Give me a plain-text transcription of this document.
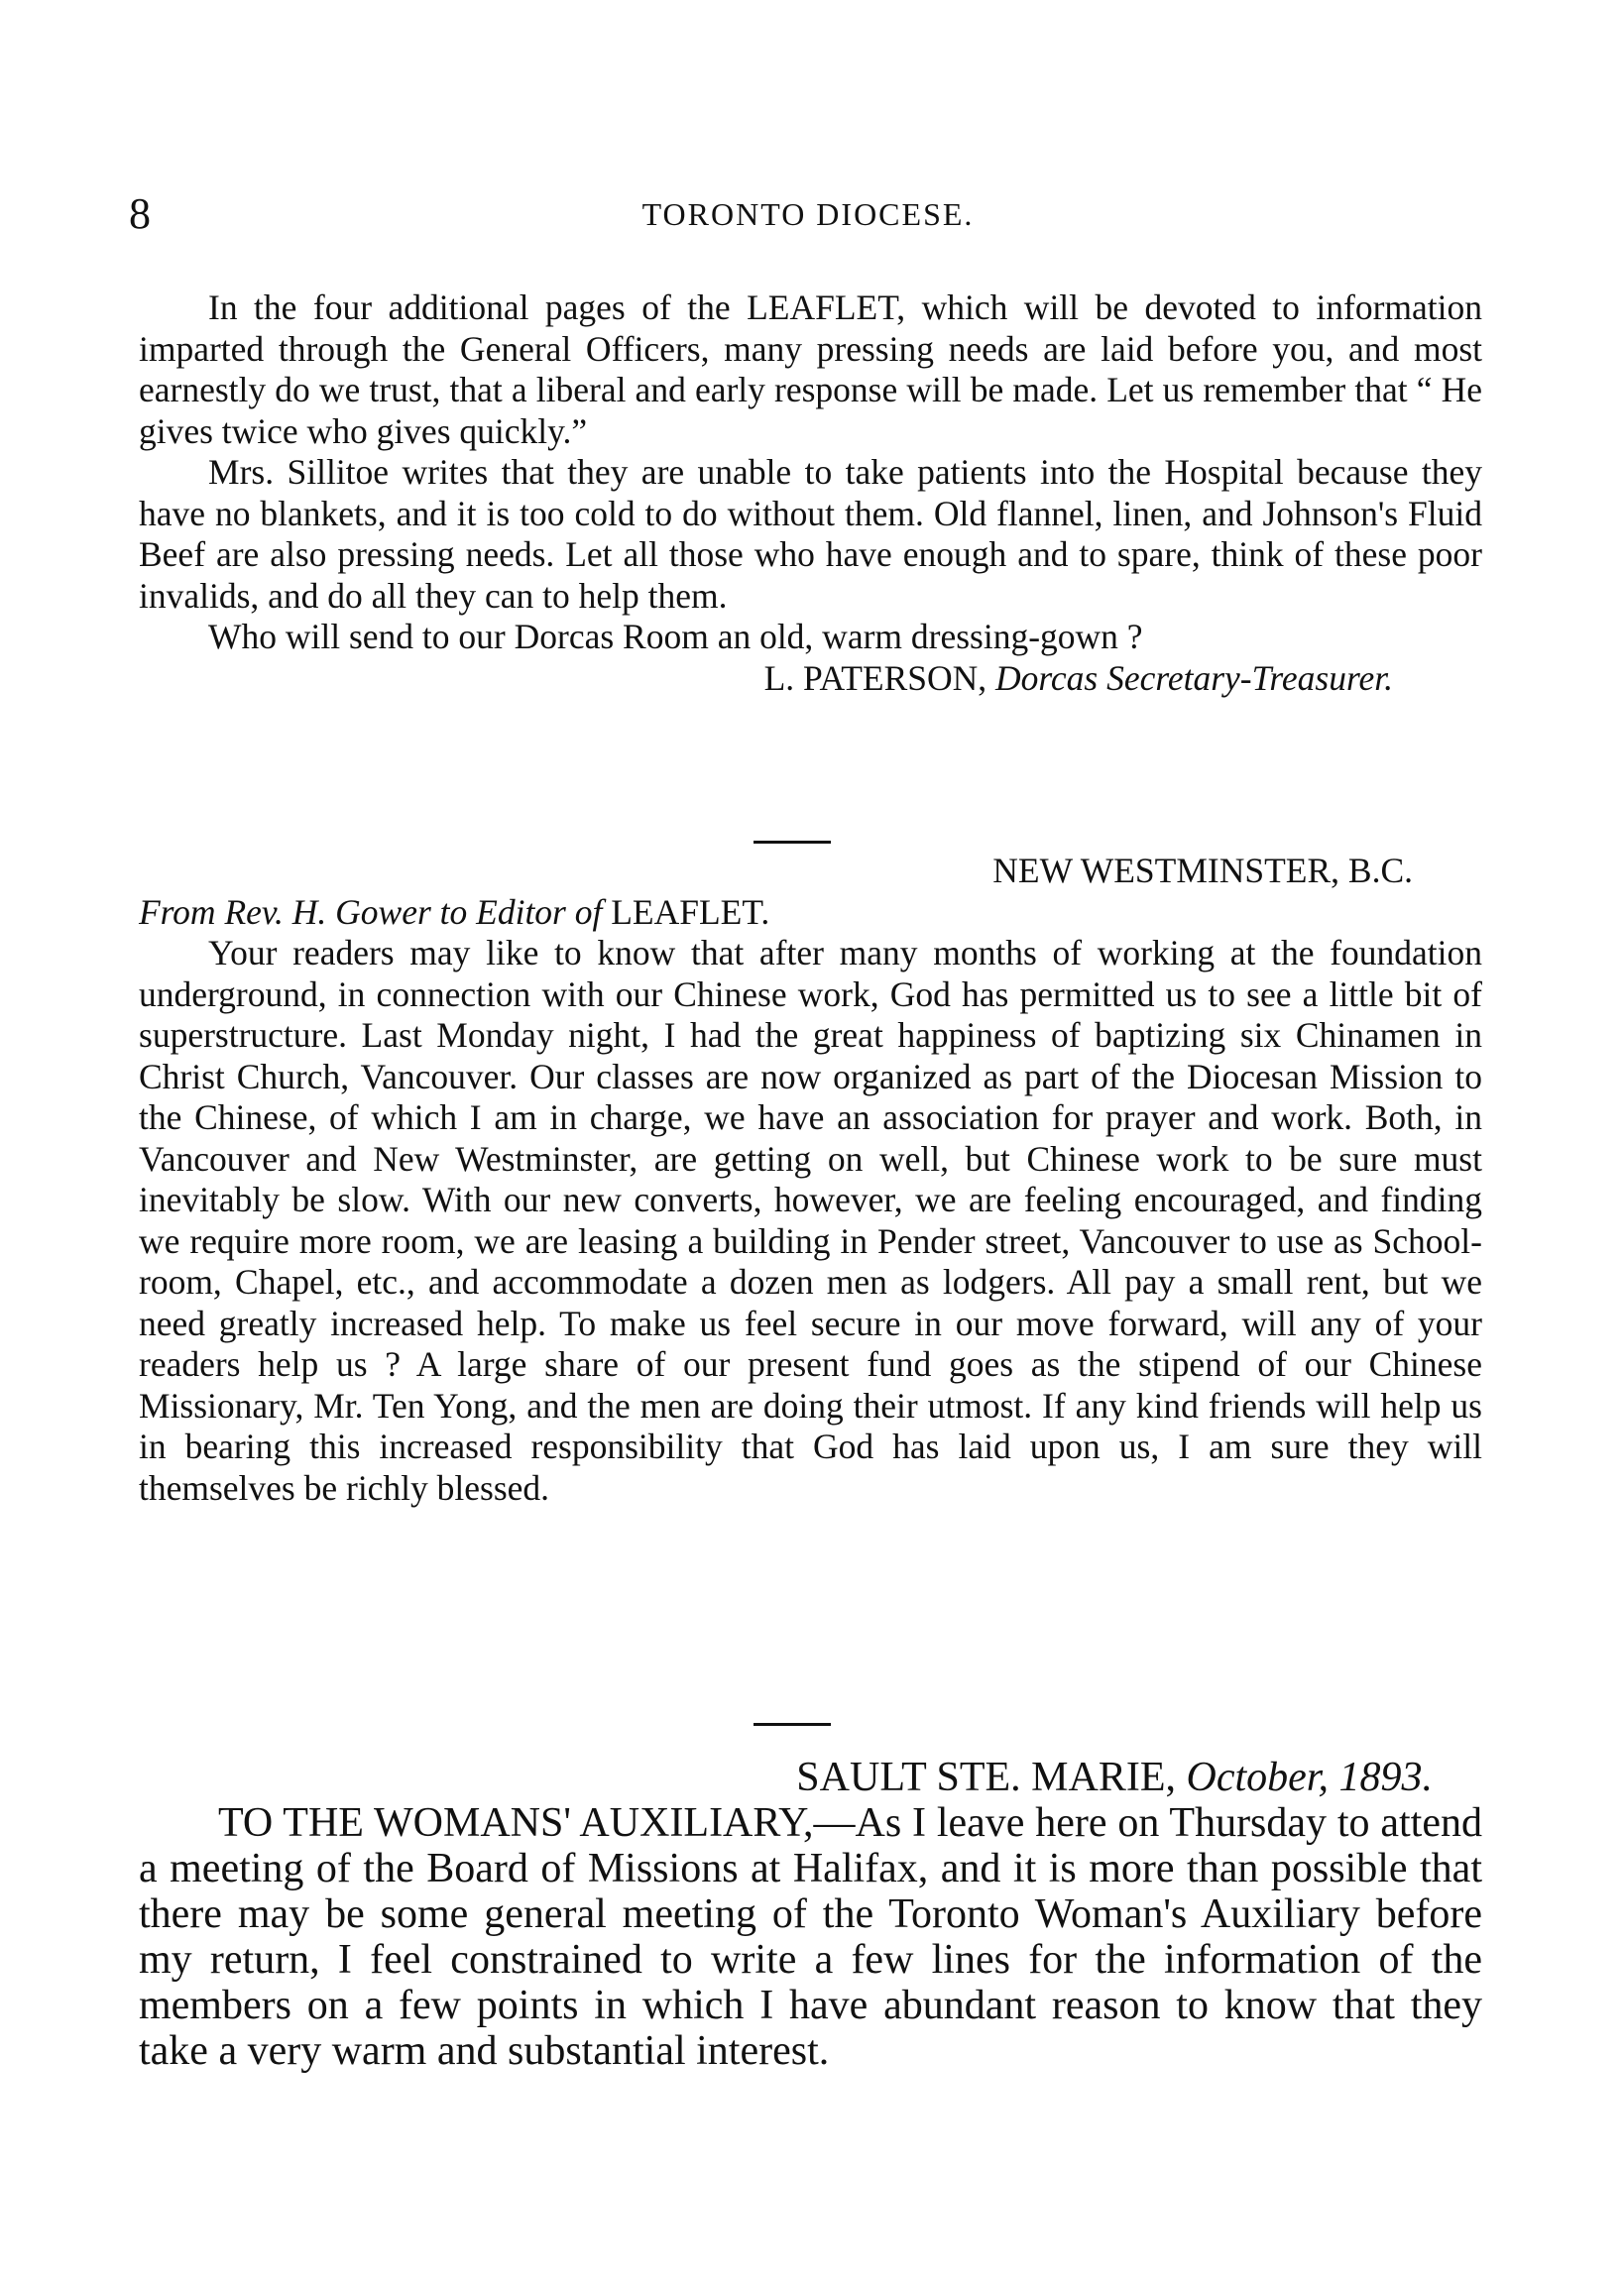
8	TORONTO DIOCESE.

In the four additional pages of the LEAFLET, which will be devoted to information imparted through the General Officers, many pressing needs are laid before you, and most earnestly do we trust, that a liberal and early response will be made. Let us remember that “ He gives twice who gives quickly.”

Mrs. Sillitoe writes that they are unable to take patients into the Hospital because they have no blankets, and it is too cold to do without them. Old flannel, linen, and Johnson's Fluid Beef are also pressing needs. Let all those who have enough and to spare, think of these poor invalids, and do all they can to help them.

Who will send to our Dorcas Room an old, warm dressing-gown ?

L. PATERSON, Dorcas Secretary-Treasurer.
NEW WESTMINSTER, B.C.
From Rev. H. Gower to Editor of LEAFLET.

Your readers may like to know that after many months of working at the foundation underground, in connection with our Chinese work, God has permitted us to see a little bit of superstructure. Last Monday night, I had the great happiness of baptizing six Chinamen in Christ Church, Vancouver. Our classes are now organized as part of the Diocesan Mission to the Chinese, of which I am in charge, we have an association for prayer and work. Both, in Vancouver and New Westminster, are getting on well, but Chinese work to be sure must inevitably be slow. With our new converts, however, we are feeling encouraged, and finding we require more room, we are leasing a building in Pender street, Vancouver to use as School-room, Chapel, etc., and accommodate a dozen men as lodgers. All pay a small rent, but we need greatly increased help. To make us feel secure in our move forward, will any of your readers help us ? A large share of our present fund goes as the stipend of our Chinese Missionary, Mr. Ten Yong, and the men are doing their utmost. If any kind friends will help us in bearing this increased responsibility that God has laid upon us, I am sure they will themselves be richly blessed.

SAULT STE. MARIE, October, 1893.

TO THE WOMANS' AUXILIARY,—As I leave here on Thursday to attend a meeting of the Board of Missions at Halifax, and it is more than possible that there may be some general meeting of the Toronto Woman's Auxiliary before my return, I feel constrained to write a few lines for the information of the members on a few points in which I have abundant reason to know that they take a very warm and substantial interest.
